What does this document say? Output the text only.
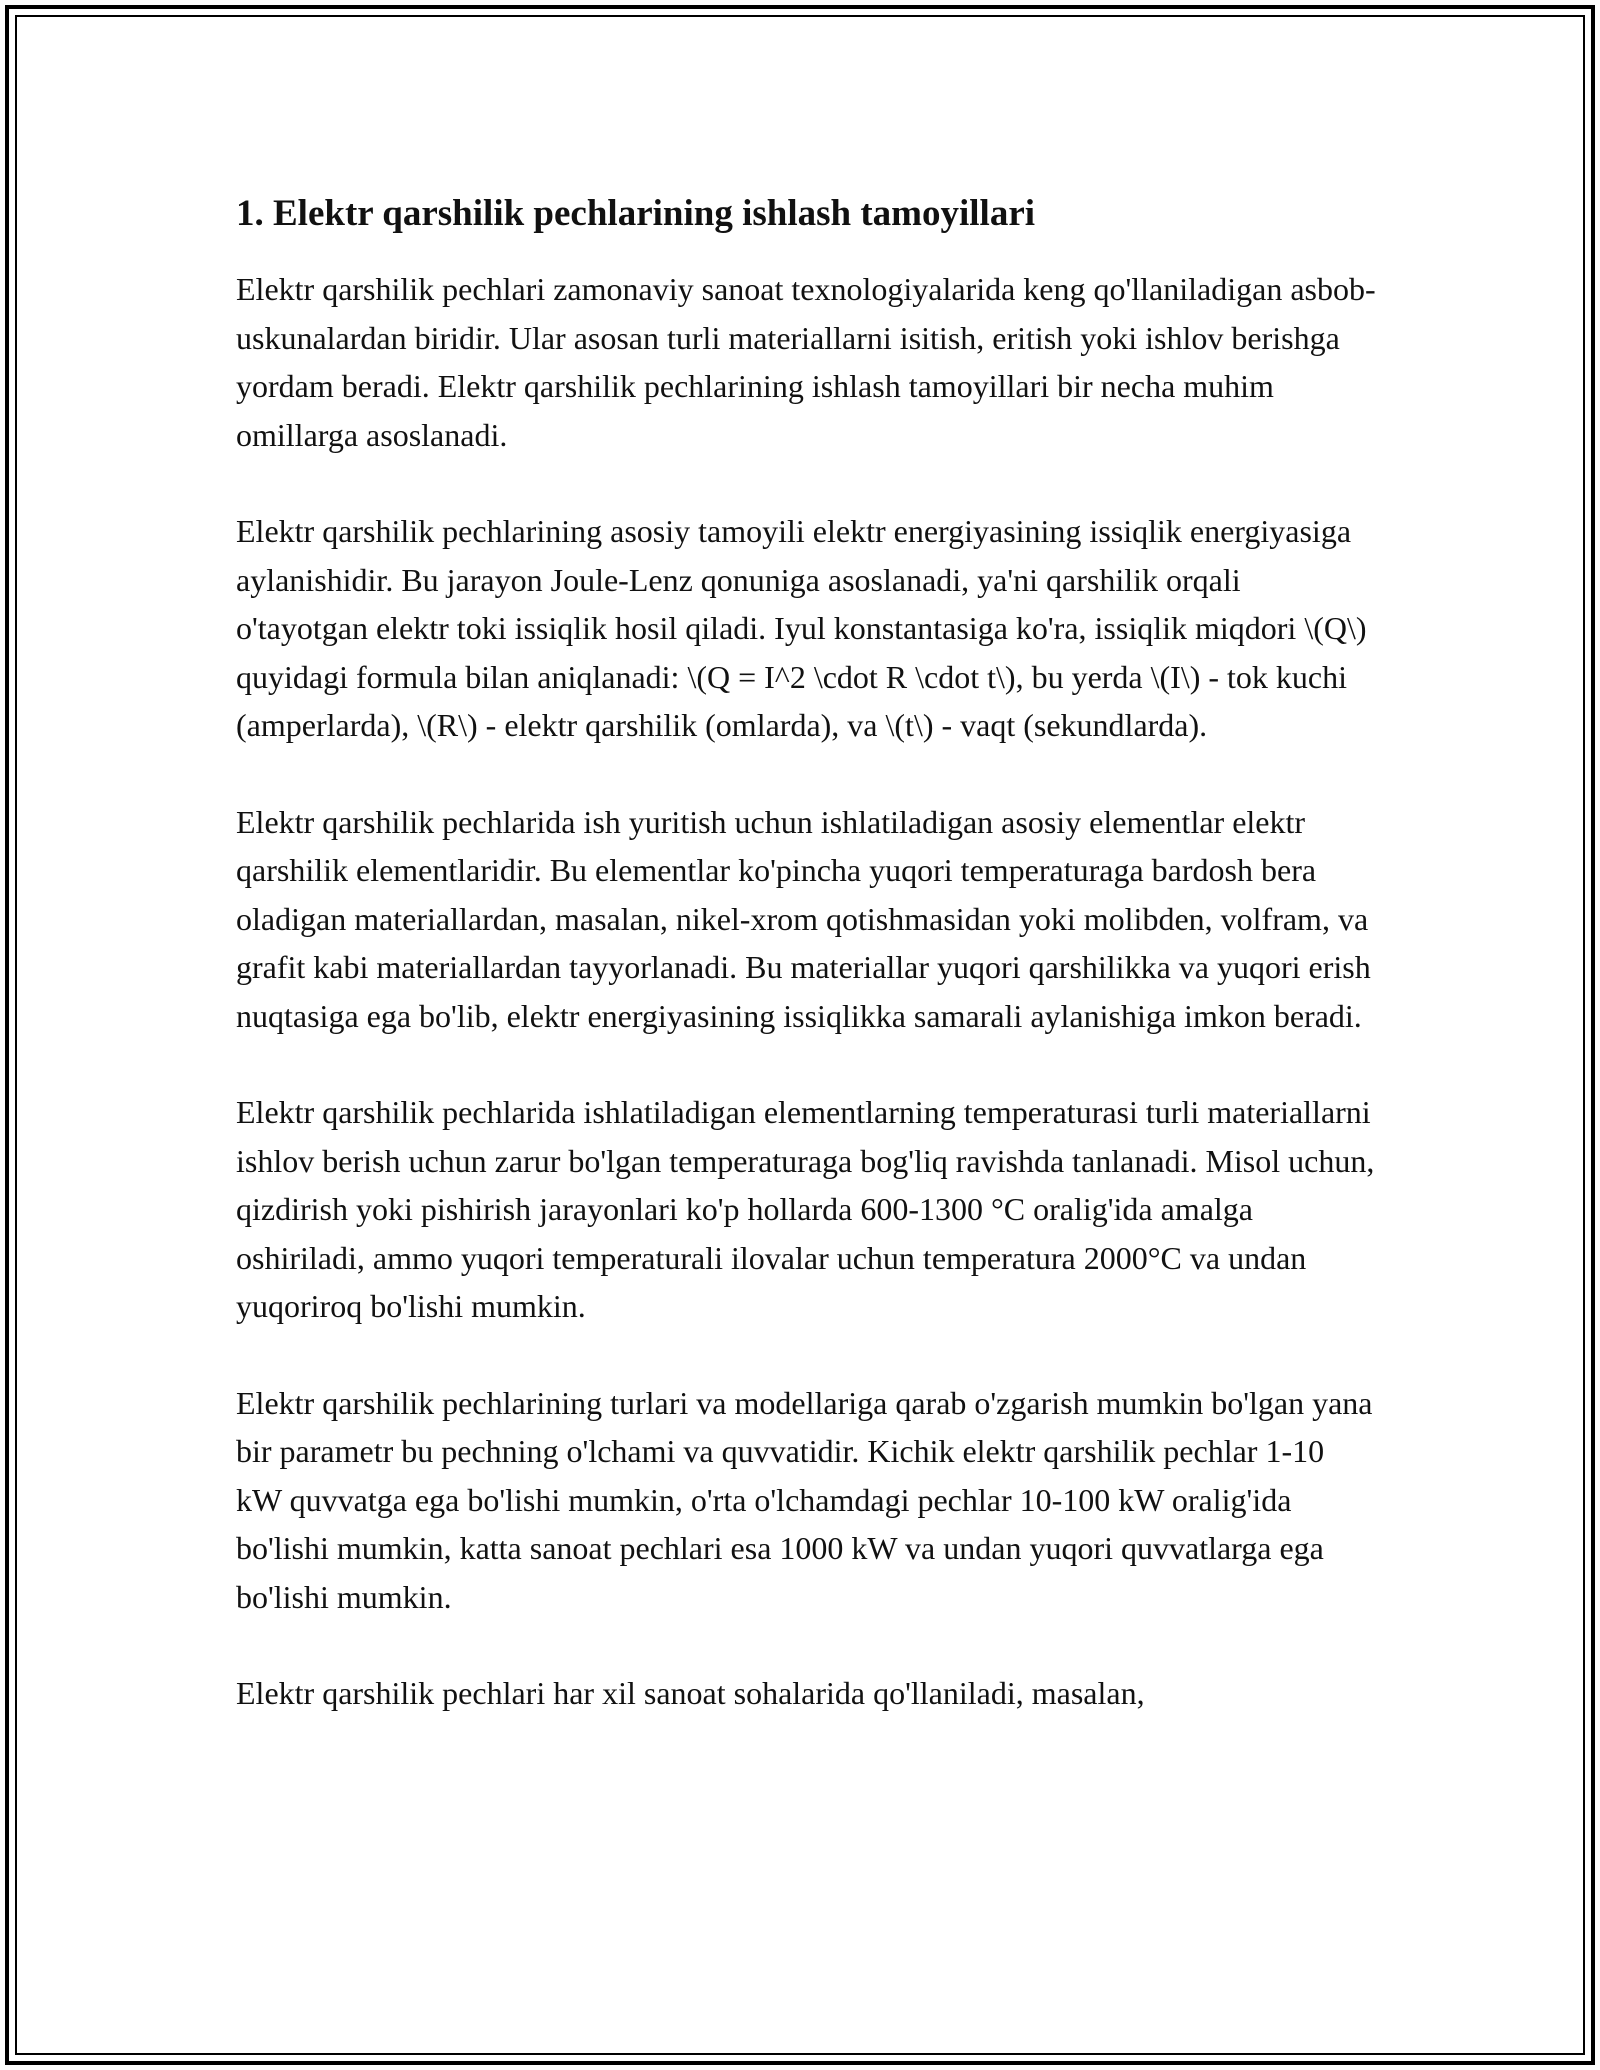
1. Elektr qarshilik pechlarining ishlash tamoyillari

Elektr qarshilik pechlari zamonaviy sanoat texnologiyalarida keng qo'llaniladigan asbob-uskunalardan biridir. Ular asosan turli materiallarni isitish, eritish yoki ishlov berishga yordam beradi. Elektr qarshilik pechlarining ishlash tamoyillari bir necha muhim omillarga asoslanadi.

Elektr qarshilik pechlarining asosiy tamoyili elektr energiyasining issiqlik energiyasiga aylanishidir. Bu jarayon Joule-Lenz qonuniga asoslanadi, ya'ni qarshilik orqali o'tayotgan elektr toki issiqlik hosil qiladi. Iyul konstantasiga ko'ra, issiqlik miqdori \(Q\) quyidagi formula bilan aniqlanadi: \(Q = I^2 \cdot R \cdot t\), bu yerda \(I\) - tok kuchi (amperlarda), \(R\) - elektr qarshilik (omlarda), va \(t\) - vaqt (sekundlarda).

Elektr qarshilik pechlarida ish yuritish uchun ishlatiladigan asosiy elementlar elektr qarshilik elementlaridir. Bu elementlar ko'pincha yuqori temperaturaga bardosh bera oladigan materiallardan, masalan, nikel-xrom qotishmasidan yoki molibden, volfram, va grafit kabi materiallardan tayyorlanadi. Bu materiallar yuqori qarshilikka va yuqori erish nuqtasiga ega bo'lib, elektr energiyasining issiqlikka samarali aylanishiga imkon beradi.

Elektr qarshilik pechlarida ishlatiladigan elementlarning temperaturasi turli materiallarni ishlov berish uchun zarur bo'lgan temperaturaga bog'liq ravishda tanlanadi. Misol uchun, qizdirish yoki pishirish jarayonlari ko'p hollarda 600-1300 °C oralig'ida amalga oshiriladi, ammo yuqori temperaturali ilovalar uchun temperatura 2000°C va undan yuqoriroq bo'lishi mumkin.

Elektr qarshilik pechlarining turlari va modellariga qarab o'zgarish mumkin bo'lgan yana bir parametr bu pechning o'lchami va quvvatidir. Kichik elektr qarshilik pechlar 1-10 kW quvvatga ega bo'lishi mumkin, o'rta o'lchamdagi pechlar 10-100 kW oralig'ida bo'lishi mumkin, katta sanoat pechlari esa 1000 kW va undan yuqori quvvatlarga ega bo'lishi mumkin.

Elektr qarshilik pechlari har xil sanoat sohalarida qo'llaniladi, masalan,
